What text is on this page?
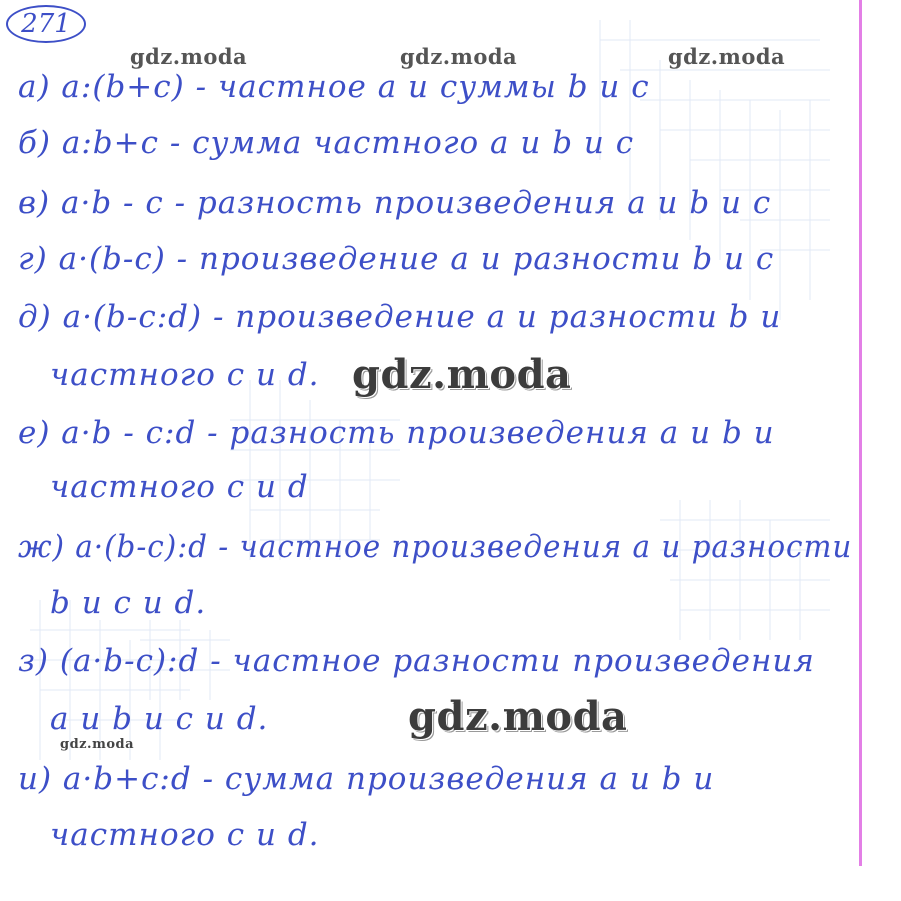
271
gdz.moda	gdz.moda	gdz.moda
а) a:(b+c) - частное a и суммы b и c
б) a:b+c - сумма частного a и b и c
в) a·b - c - разность произведения a и b и c
г) a·(b-c) - произведение a и разности b и c
д) a·(b-c:d) - произведение a и разности b и
частного c и d. gdz.moda
е) a·b - c:d - разность произведения a и b и
частного c и d
ж) a·(b-c):d - частное произведения a и разности
b и c и d.
з) (a·b-c):d - частное разности произведения
a и b и c и d.	gdz.moda
gdz.moda
и) a·b+c:d - сумма произведения a и b и
частного c и d.
